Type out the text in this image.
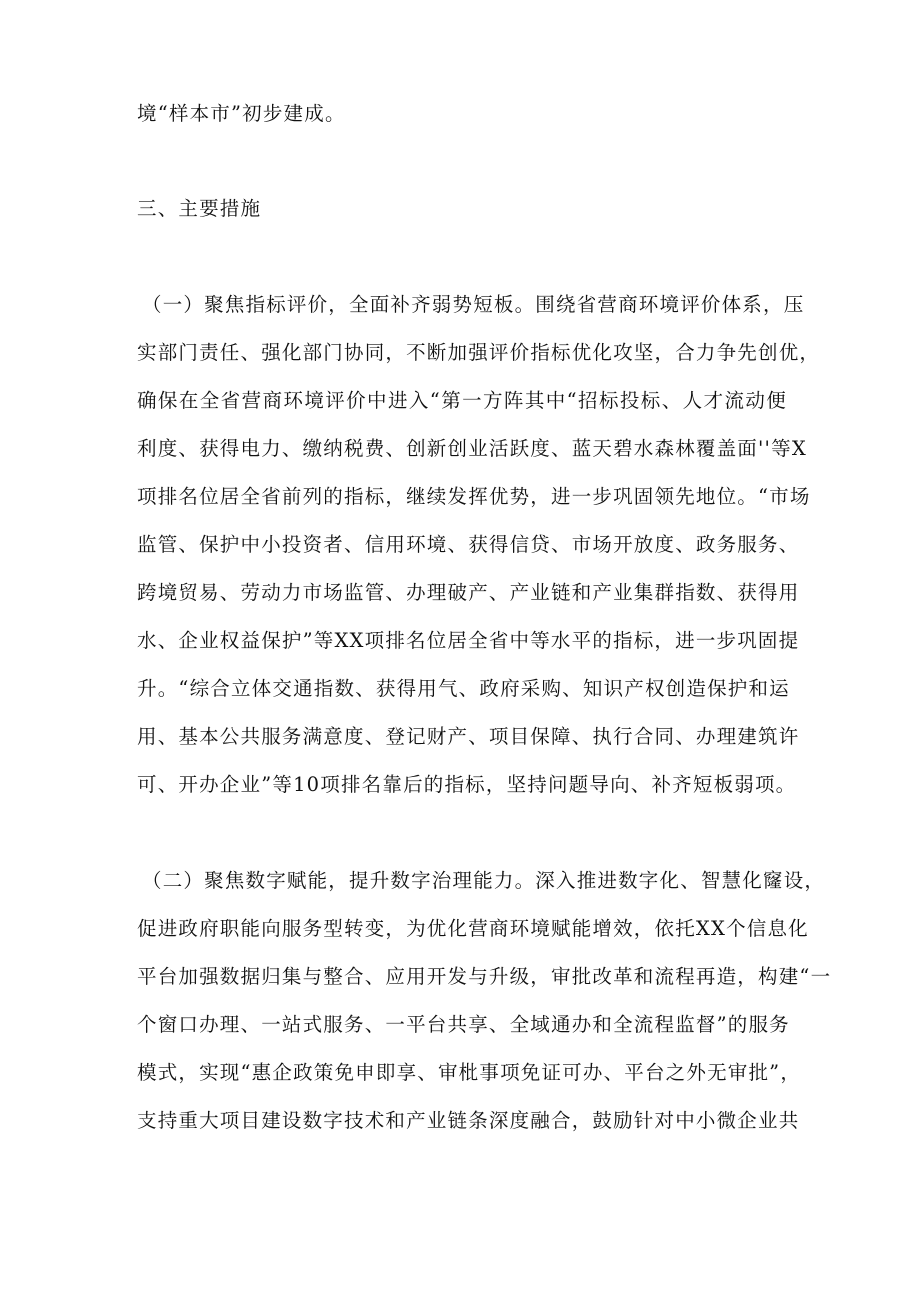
境“样本市”初步建成。
三、主要措施
（一）聚焦指标评价，全面补齐弱势短板。围绕省营商环境评价体系，压
实部门责任、强化部门协同，不断加强评价指标优化攻坚，合力争先创优，
确保在全省营商环境评价中进入“第一方阵其中“招标投标、人才流动便
利度、获得电力、缴纳税费、创新创业活跃度、蓝天碧水森林覆盖面''等X
项排名位居全省前列的指标，继续发挥优势，进一步巩固领先地位。“市场
监管、保护中小投资者、信用环境、获得信贷、市场开放度、政务服务、
跨境贸易、劳动力市场监管、办理破产、产业链和产业集群指数、获得用
水、企业权益保护”等XX项排名位居全省中等水平的指标，进一步巩固提
升。“综合立体交通指数、获得用气、政府采购、知识产权创造保护和运
用、基本公共服务满意度、登记财产、项目保障、执行合同、办理建筑许
可、开办企业”等10项排名靠后的指标，坚持问题导向、补齐短板弱项。
（二）聚焦数字赋能，提升数字治理能力。深入推进数字化、智慧化窿设，
促进政府职能向服务型转变，为优化营商环境赋能增效，依托XX个信息化
平台加强数据归集与整合、应用开发与升级，审批改革和流程再造，构建“一
个窗口办理、一站式服务、一平台共享、全域通办和全流程监督”的服务
模式，实现“惠企政策免申即享、审枇事项免证可办、平台之外无审批”，
支持重大项目建设数字技术和产业链条深度融合，鼓励针对中小微企业共
